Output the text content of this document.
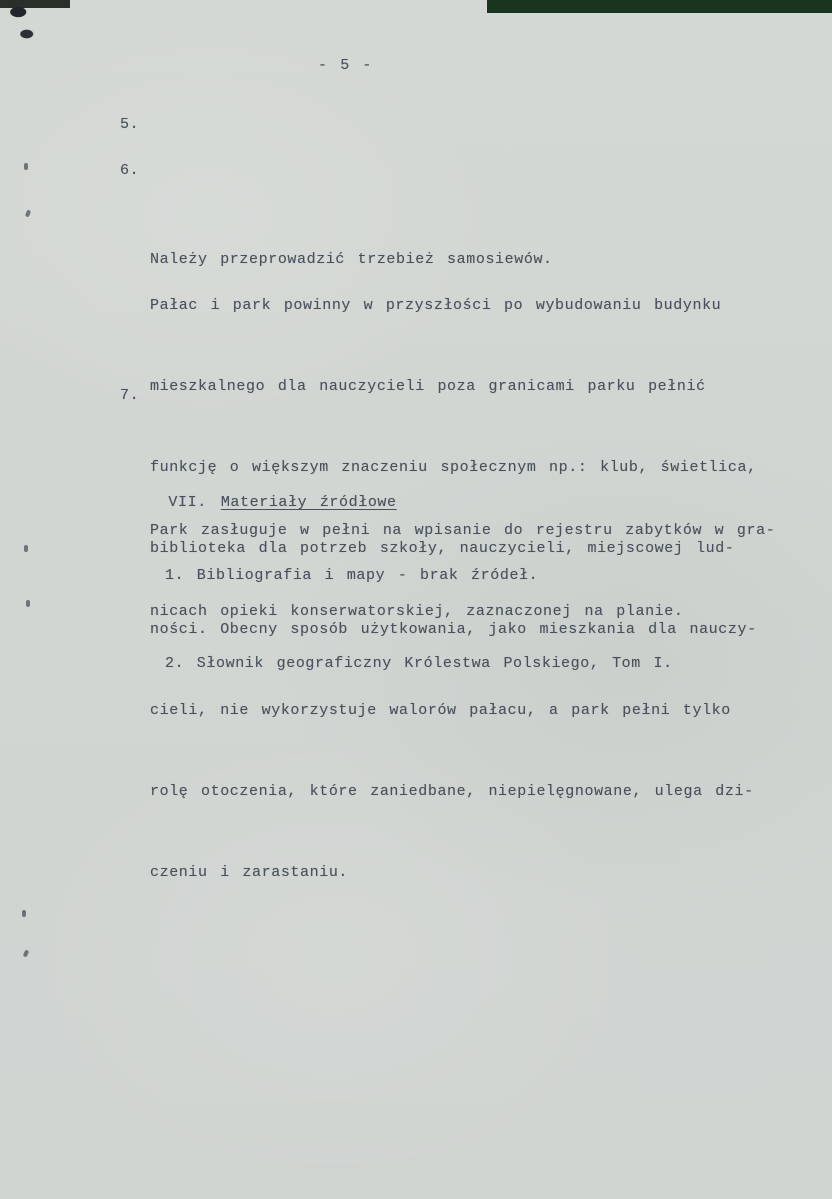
- 5 -

5.

Należy przeprowadzić trzebież samosiewów.

6.

Pałac i park powinny w przyszłości po wybudowaniu budynku

mieszkalnego dla nauczycieli poza granicami parku pełnić

funkcję o większym znaczeniu społecznym np.: klub, świetlica,

biblioteka dla potrzeb szkoły, nauczycieli, miejscowej lud-

ności. Obecny sposób użytkowania, jako mieszkania dla nauczy-

cieli, nie wykorzystuje walorów pałacu, a park pełni tylko

rolę otoczenia, które zaniedbane, niepielęgnowane, ulega dzi-

czeniu i zarastaniu.

7.

Park zasługuje w pełni na wpisanie do rejestru zabytków w gra-

nicach opieki konserwatorskiej, zaznaczonej na planie.

VII. Materiały źródłowe

1. Bibliografia i mapy - brak źródeł.

2. Słownik geograficzny Królestwa Polskiego, Tom I.
